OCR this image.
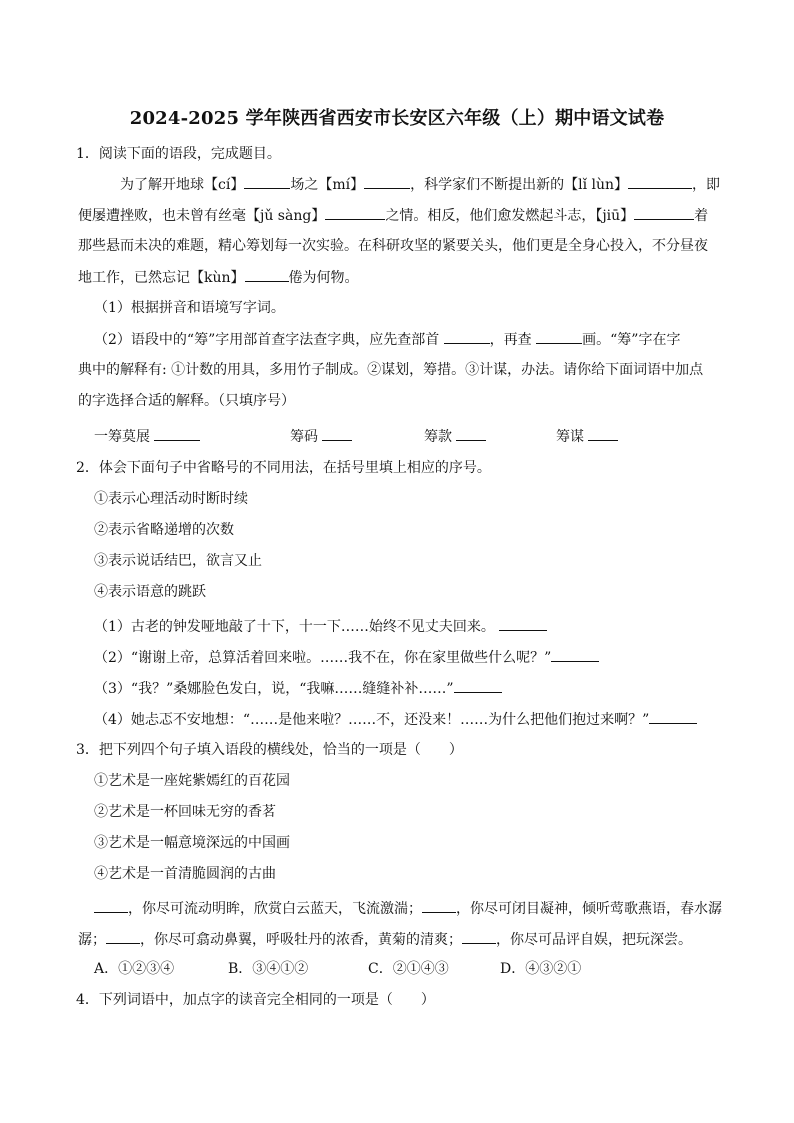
2024-2025 学年陕西省西安市长安区六年级（上）期中语文试卷
1．阅读下面的语段，完成题目。
为了解开地球【cí】	场之【mí】	，科学家们不断提出新的【lǐ lùn】	，即
便屡遭挫败，也未曾有丝毫【jǔ sàng】	之情。相反，他们愈发燃起斗志，【jiū】	着
那些悬而未决的难题，精心筹划每一次实验。在科研攻坚的紧要关头，他们更是全身心投入，不分昼夜
地工作，已然忘记【kùn】	倦为何物。
（1）根据拼音和语境写字词。
（2）语段中的“筹”字用部首查字法查字典，应先查部首	，再查	画。“筹”字在字
典中的解释有: ①计数的用具，多用竹子制成。②谋划，筹措。③计谋，办法。请你给下面词语中加点
的字选择合适的解释。（只填序号）
一筹莫展	筹码	筹款	筹谋
2．体会下面句子中省略号的不同用法，在括号里填上相应的序号。
①表示心理活动时断时续
②表示省略递增的次数
③表示说话结巴，欲言又止
④表示语意的跳跃
（1）古老的钟发哑地敲了十下，十一下……始终不见丈夫回来。
（2）“谢谢上帝，总算活着回来啦。……我不在，你在家里做些什么呢？”
（3）“我？”桑娜脸色发白，说，“我嘛……缝缝补补……”
（4）她忐忑不安地想：“……是他来啦？……不，还没来！……为什么把他们抱过来啊？”
3．把下列四个句子填入语段的横线处，恰当的一项是（　　）
①艺术是一座姹紫嫣红的百花园
②艺术是一杯回味无穷的香茗
③艺术是一幅意境深远的中国画
④艺术是一首清脆圆润的古曲
，你尽可流动明眸，欣赏白云蓝天，飞流激湍； ，你尽可闭目凝神，倾听莺歌燕语，春水潺
潺； ，你尽可翕动鼻翼，呼吸牡丹的浓香，黄菊的清爽； ，你尽可品评自娱，把玩深尝。
A．①②③④	B．③④①②	C．②①④③	D．④③②①
4．下列词语中，加点字的读音完全相同的一项是（　　）
